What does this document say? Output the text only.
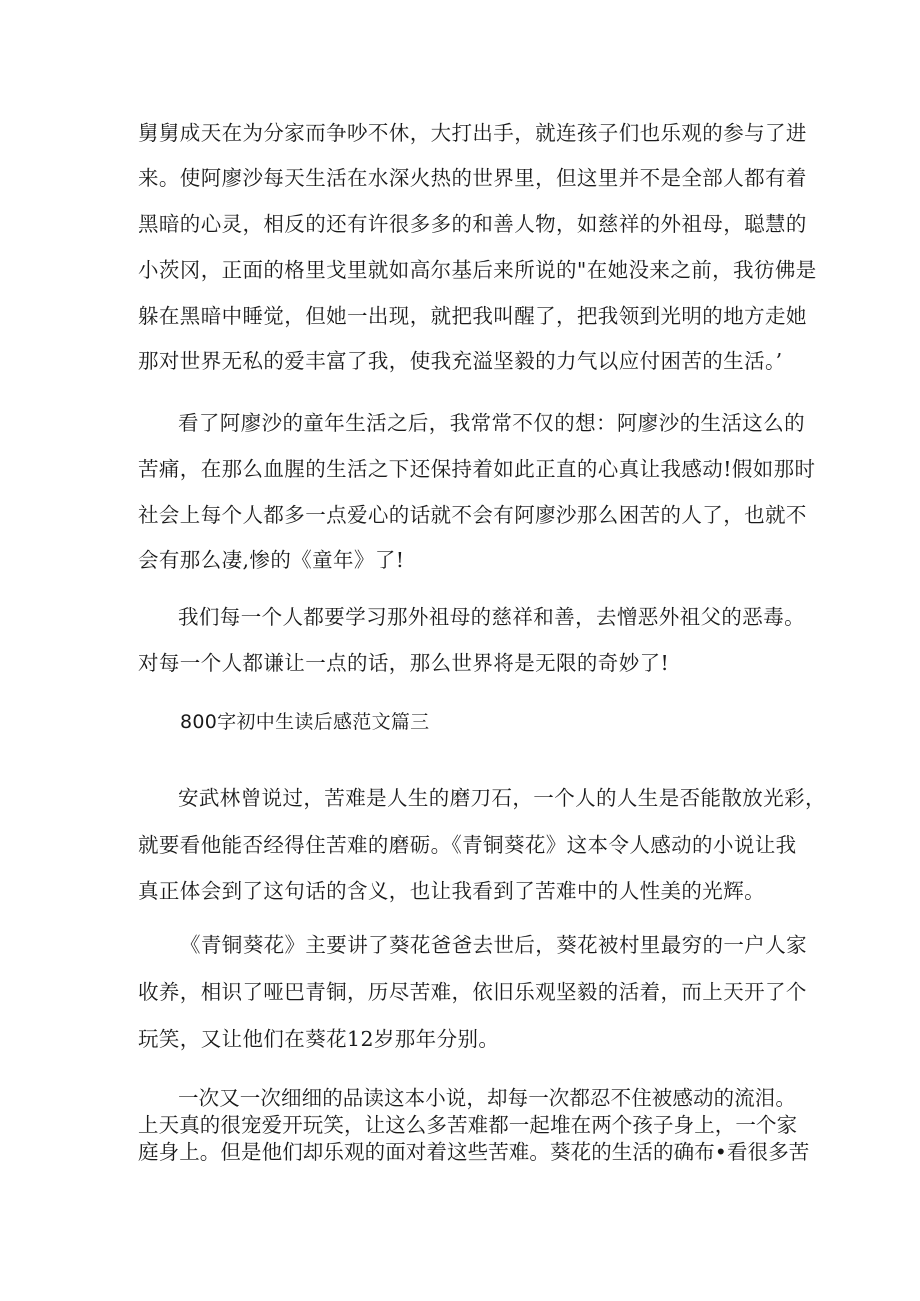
舅舅成天在为分家而争吵不休，大打出手，就连孩子们也乐观的参与了进
来。使阿廖沙每天生活在水深火热的世界里，但这里并不是全部人都有着
黑暗的心灵，相反的还有许很多多的和善人物，如慈祥的外祖母，聪慧的
小茨冈，正面的格里戈里就如高尔基后来所说的"在她没来之前，我彷佛是
躲在黑暗中睡觉，但她一出现，就把我叫醒了，把我领到光明的地方走她
那对世界无私的爱丰富了我，使我充溢坚毅的力气以应付困苦的生活。’
看了阿廖沙的童年生活之后，我常常不仅的想：阿廖沙的生活这么的
苦痛，在那么血腥的生活之下还保持着如此正直的心真让我感动!假如那时
社会上每个人都多一点爱心的话就不会有阿廖沙那么困苦的人了，也就不
会有那么凄,惨的《童年》了!
我们每一个人都要学习那外祖母的慈祥和善，去憎恶外祖父的恶毒。
对每一个人都谦让一点的话，那么世界将是无限的奇妙了!
800字初中生读后感范文篇三
安武林曾说过，苦难是人生的磨刀石，一个人的人生是否能散放光彩，
就要看他能否经得住苦难的磨砺。《青铜葵花》这本令人感动的小说让我
真正体会到了这句话的含义，也让我看到了苦难中的人性美的光辉。
《青铜葵花》主要讲了葵花爸爸去世后，葵花被村里最穷的一户人家
收养，相识了哑巴青铜，历尽苦难，依旧乐观坚毅的活着，而上天开了个
玩笑，又让他们在葵花12岁那年分别。
一次又一次细细的品读这本小说，却每一次都忍不住被感动的流泪。
上天真的很宠爱开玩笑，让这么多苦难都一起堆在两个孩子身上，一个家
庭身上。但是他们却乐观的面对着这些苦难。葵花的生活的确布•看很多苦
